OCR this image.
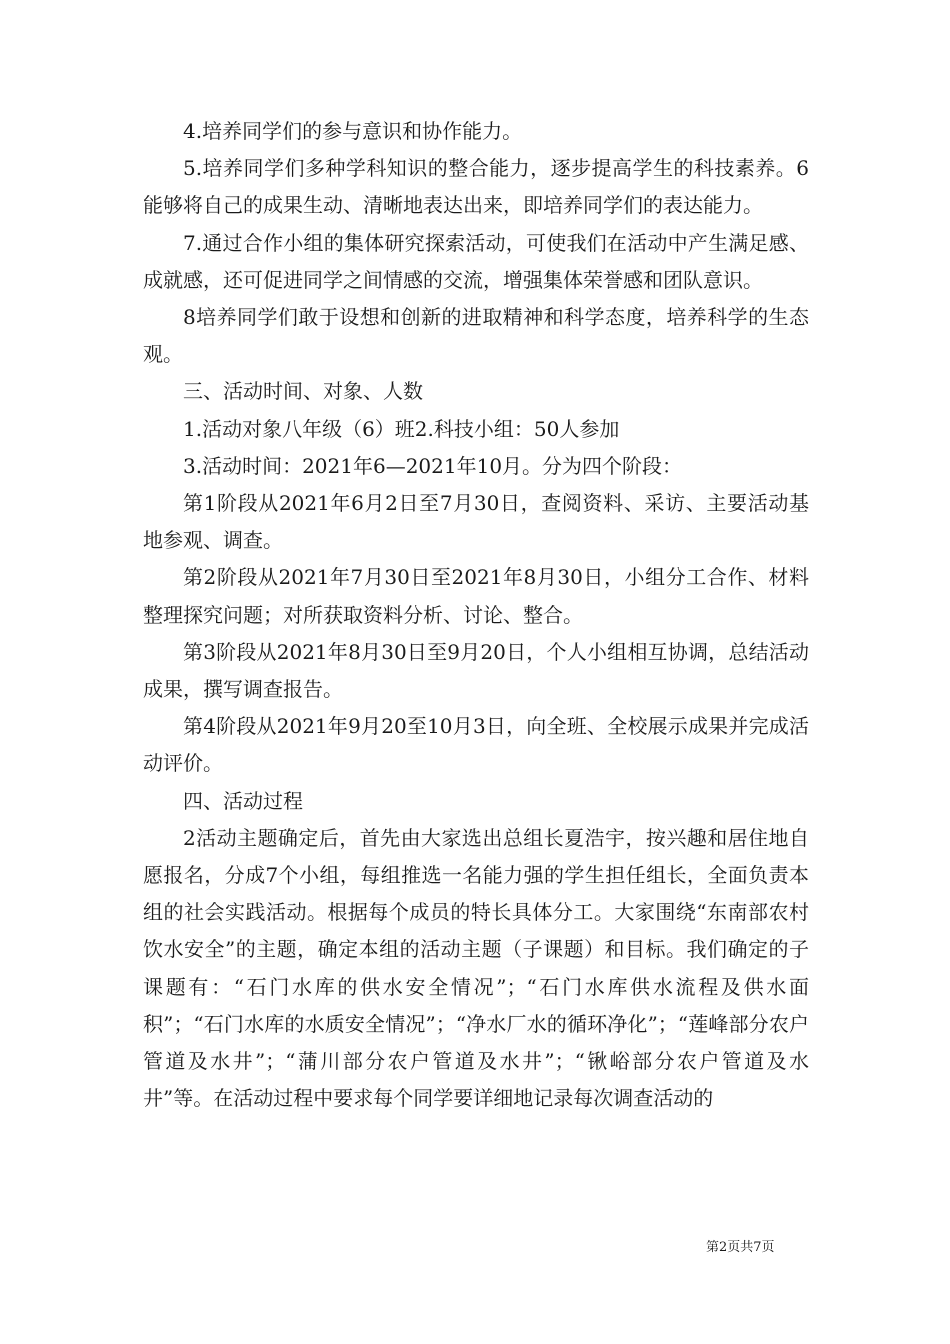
4.培养同学们的参与意识和协作能力。

5.培养同学们多种学科知识的整合能力，逐步提高学生的科技素养。6能够将自己的成果生动、清晰地表达出来，即培养同学们的表达能力。

7.通过合作小组的集体研究探索活动，可使我们在活动中产生满足感、成就感，还可促进同学之间情感的交流，增强集体荣誉感和团队意识。

8培养同学们敢于设想和创新的进取精神和科学态度，培养科学的生态观。

三、活动时间、对象、人数

1.活动对象八年级（6）班2.科技小组：50人参加

3.活动时间：2021年6—2021年10月。分为四个阶段：

第1阶段从2021年6月2日至7月30日，查阅资料、采访、主要活动基地参观、调查。

第2阶段从2021年7月30日至2021年8月30日，小组分工合作、材料整理探究问题；对所获取资料分析、讨论、整合。

第3阶段从2021年8月30日至9月20日，个人小组相互协调，总结活动成果，撰写调查报告。

第4阶段从2021年9月20至10月3日，向全班、全校展示成果并完成活动评价。

四、活动过程

2活动主题确定后，首先由大家选出总组长夏浩宇，按兴趣和居住地自愿报名，分成7个小组，每组推选一名能力强的学生担任组长，全面负责本组的社会实践活动。根据每个成员的特长具体分工。大家围绕“东南部农村饮水安全”的主题，确定本组的活动主题（子课题）和目标。我们确定的子课题有：“石门水库的供水安全情况”；“石门水库供水流程及供水面积”；“石门水库的水质安全情况”；“净水厂水的循环净化”；“莲峰部分农户管道及水井”；“蒲川部分农户管道及水井”；“锹峪部分农户管道及水井”等。在活动过程中要求每个同学要详细地记录每次调查活动的

第2页共7页
